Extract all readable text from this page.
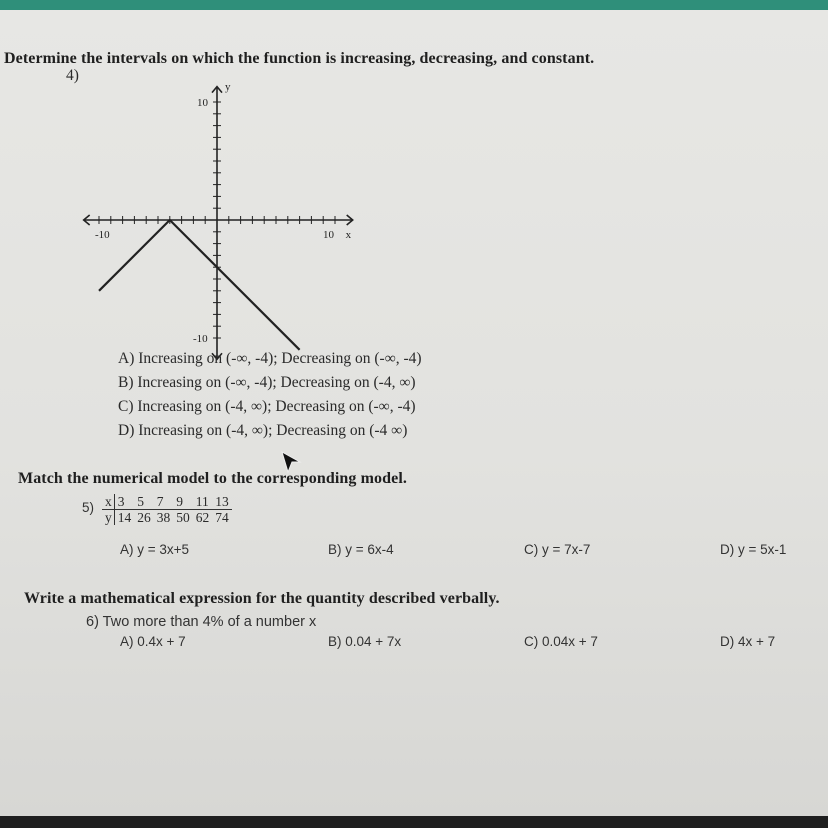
Determine the intervals on which the function is increasing, decreasing, and constant.
4)
y
x
10
-10
-10	10
A) Increasing on (-∞, -4); Decreasing on (-∞, -4)
B) Increasing on (-∞, -4); Decreasing on (-4, ∞)
C) Increasing on (-4, ∞); Decreasing on (-∞, -4)
D) Increasing on (-4, ∞); Decreasing on (-4 ∞)
Match the numerical model to the corresponding model.
5) x	3	5	7	9	11	13
y	14	26	38	50	62	74
A) y = 3x+5	B) y = 6x-4	C) y = 7x-7	D) y = 5x-1
Write a mathematical expression for the quantity described verbally.
6) Two more than 4% of a number x
A) 0.4x + 7	B) 0.04 + 7x	C) 0.04x + 7	D) 4x + 7
